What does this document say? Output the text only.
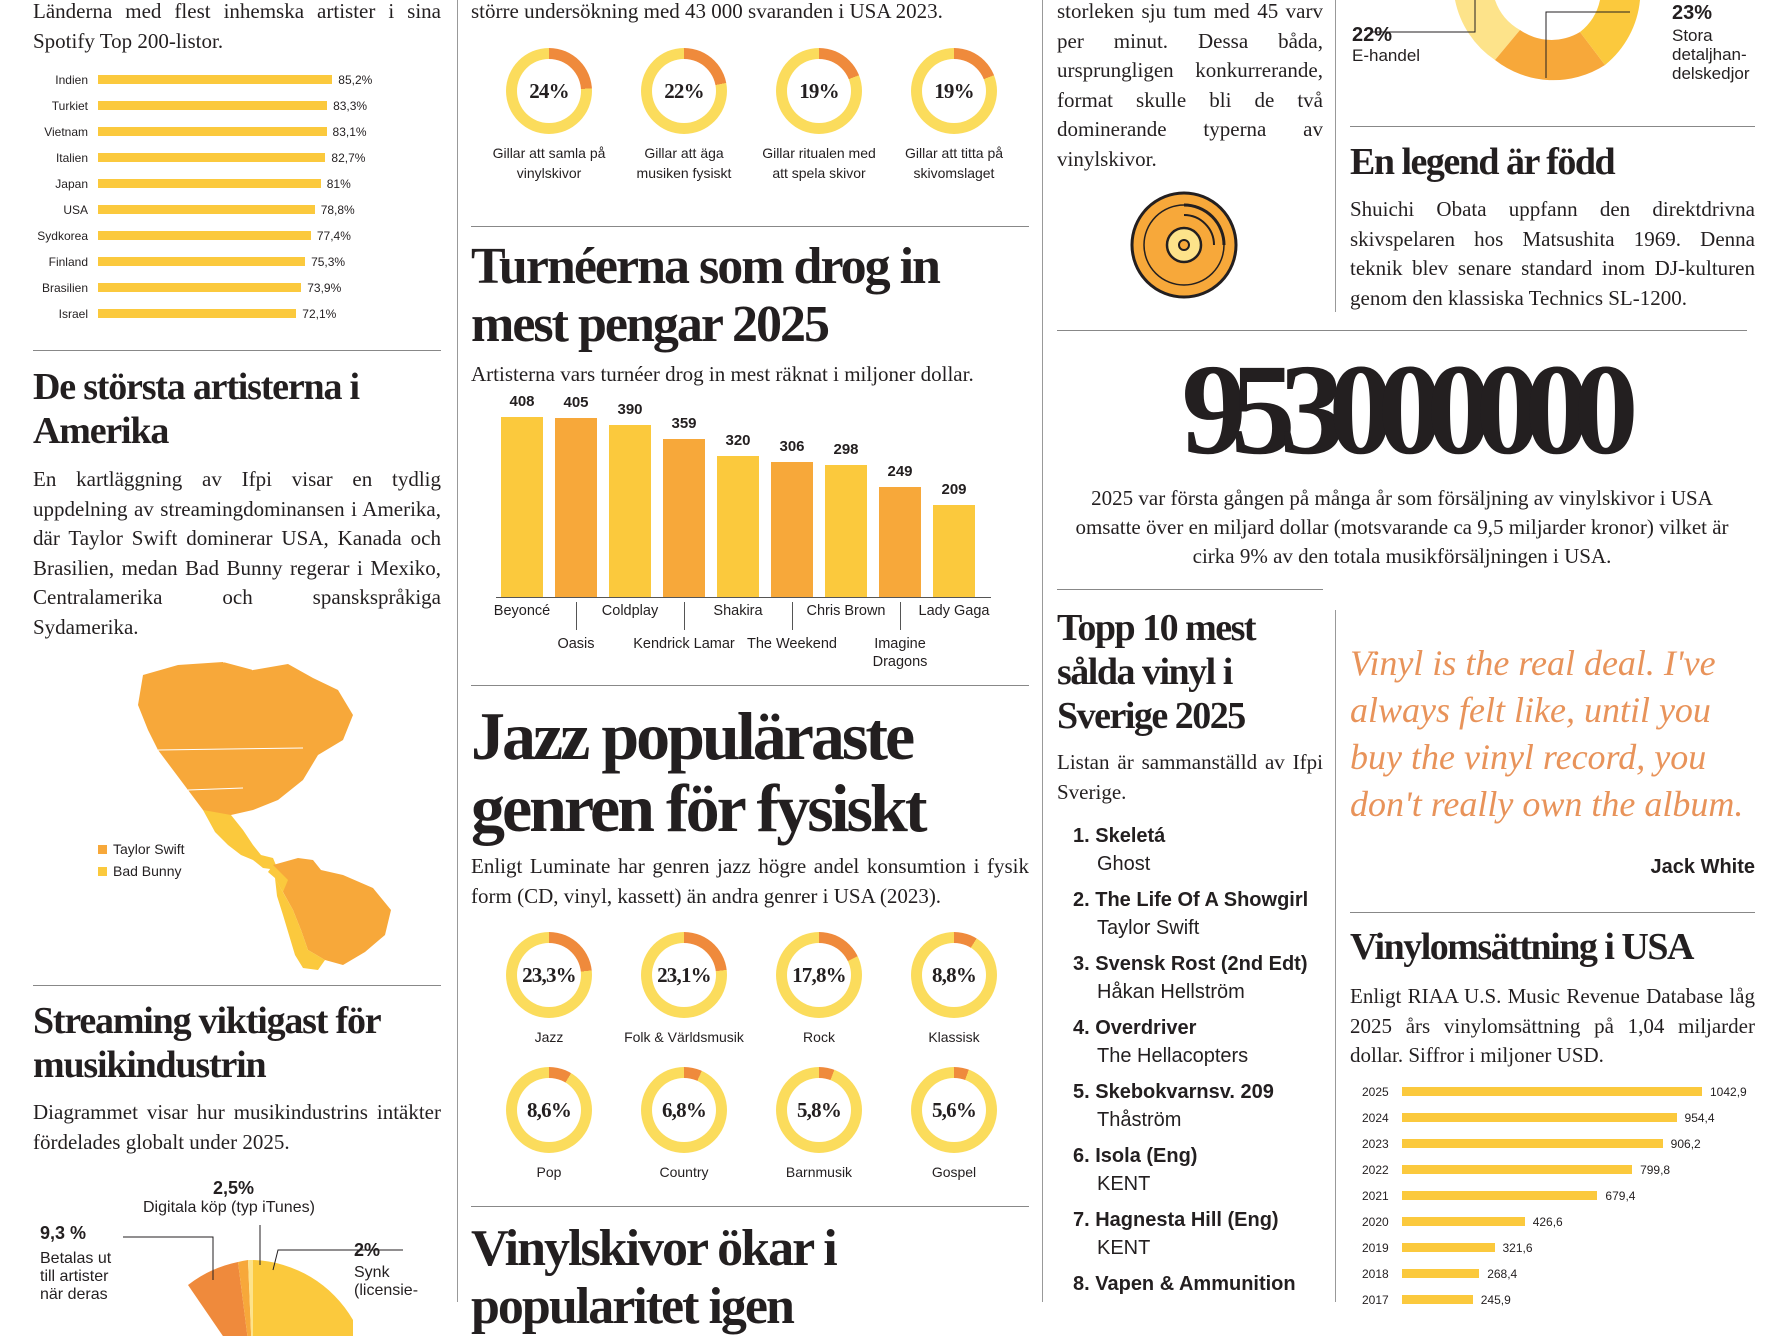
Länderna med flest inhemska artister i sina Spotify Top 200-listor.
Indien	85,2%
Turkiet	83,3%
Vietnam	83,1%
Italien	82,7%
Japan	81%
USA	78,8%
Sydkorea	77,4%
Finland	75,3%
Brasilien	73,9%
Israel	72,1%
De största artisterna i Amerika
En kartläggning av Ifpi visar en tydlig uppdelning av streamingdominansen i Amerika, där Taylor Swift dominerar USA, Kanada och Brasilien, medan Bad Bunny regerar i Mexiko, Centralamerika och spanskspråkiga Sydamerika.
Taylor Swift
Bad Bunny
Streaming viktigast för musikindustrin
Diagrammet visar hur musikindustrins intäkter fördelades globalt under 2025.
2,5%
Digitala köp (typ iTunes)
9,3 %
Betalas ut till artister när deras
2%
Synk (licensie-
större undersökning med 43 000 svaranden i USA 2023.
24%
Gillar att samla på vinylskivor
22%
Gillar att äga musiken fysiskt
19%
Gillar ritualen med att spela skivor
19%
Gillar att titta på skivomslaget
Turnéerna som drog in mest pengar 2025
Artisterna vars turnéer drog in mest räknat i miljoner dollar.
408
Beyoncé
405
Oasis
390
Coldplay
359
Kendrick Lamar
320
Shakira
306
The Weekend
298
Chris Brown
249
Imagine Dragons
209
Lady Gaga
Jazz populäraste genren för fysiskt
Enligt Luminate har genren jazz högre andel konsumtion i fysik form (CD, vinyl, kassett) än andra genrer i USA (2023).
23,3%
Jazz
23,1%
Folk & Världsmusik
17,8%
Rock
8,8%
Klassisk
8,6%
Pop
6,8%
Country
5,8%
Barnmusik
5,6%
Gospel
Vinylskivor ökar i popularitet igen
storleken sju tum med 45 varv per minut. Dessa båda, ursprungligen konkurrerande, format skulle bli de två dominerande typerna av vinylskivor.
Topp 10 mest sålda vinyl i Sverige 2025
Listan är sammanställd av Ifpi Sverige.
1. Skeletá
Ghost
2. The Life Of A Showgirl
Taylor Swift
3. Svensk Rost (2nd Edt)
Håkan Hellström
4. Overdriver
The Hellacopters
5. Skebokvarnsv. 209
Thåström
6. Isola (Eng)
KENT
7. Hagnesta Hill (Eng)
KENT
8. Vapen & Ammunition
953000000
2025 var första gången på många år som försäljning av vinylskivor i USA omsatte över en miljard dollar (motsvarande ca 9,5 miljarder kronor) vilket är cirka 9% av den totala musikförsäljningen i USA.
22%
E-handel
23%
Stora detaljhan- delskedjor
En legend är född
Shuichi Obata uppfann den direktdrivna skivspelaren hos Matsushita 1969. Denna teknik blev senare standard inom DJ-kulturen genom den klassiska Technics SL-1200.
Vinyl is the real deal. I've always felt like, until you buy the vinyl record, you don't really own the album.
Jack White
Vinylomsättning i USA
Enligt RIAA U.S. Music Revenue Database låg 2025 års vinylomsättning på 1,04 miljarder dollar. Siffror i miljoner USD.
2025	1042,9
2024	954,4
2023	906,2
2022	799,8
2021	679,4
2020	426,6
2019	321,6
2018	268,4
2017	245,9
